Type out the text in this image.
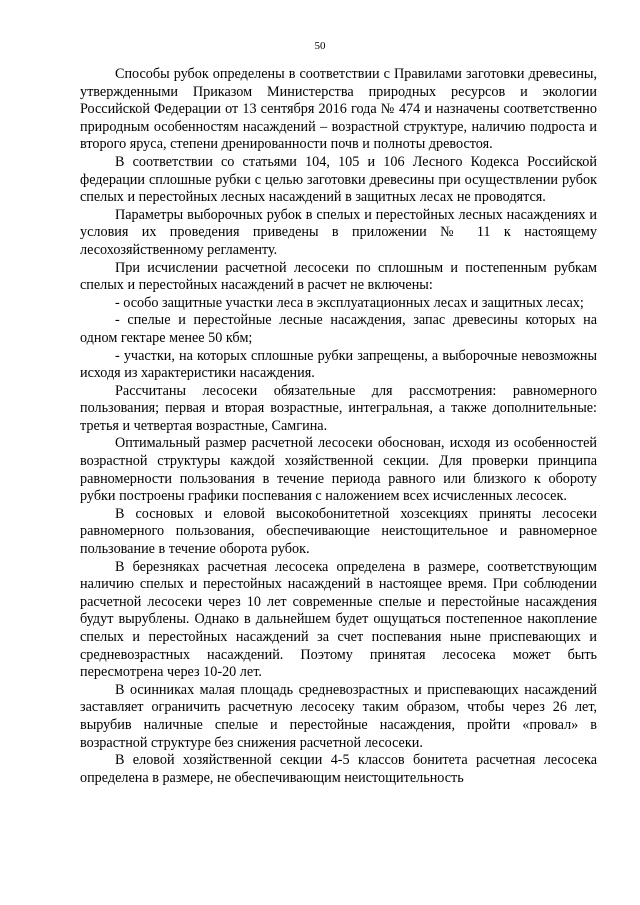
50

Способы рубок определены в соответствии с Правилами заготовки древесины, утвержденными Приказом Министерства природных ресурсов и экологии Российской Федерации от 13 сентября 2016 года № 474 и назначены соответственно природным особенностям насаждений – возрастной структуре, наличию подроста и второго яруса, степени дренированности почв и полноты древостоя.

В соответствии со статьями 104, 105 и 106 Лесного Кодекса Российской федерации сплошные рубки с целью заготовки древесины при осуществлении рубок спелых и перестойных лесных насаждений в защитных лесах не проводятся.

Параметры выборочных рубок в спелых и перестойных лесных насаждениях и условия их проведения приведены в приложении № 11 к настоящему лесохозяйственному регламенту.

При исчислении расчетной лесосеки по сплошным и постепенным рубкам спелых и перестойных насаждений в расчет не включены:

- особо защитные участки леса в эксплуатационных лесах и защитных лесах;

- спелые и перестойные лесные насаждения, запас древесины которых на одном гектаре менее 50 кбм;

- участки, на которых сплошные рубки запрещены, а выборочные невозможны исходя из характеристики насаждения.

Рассчитаны лесосеки обязательные для рассмотрения: равномерного пользования; первая и вторая возрастные, интегральная, а также дополнительные: третья и четвертая возрастные, Самгина.

Оптимальный размер расчетной лесосеки обоснован, исходя из особенностей возрастной структуры каждой хозяйственной секции. Для проверки принципа равномерности пользования в течение периода равного или близкого к обороту рубки построены графики поспевания с наложением всех исчисленных лесосек.

В сосновых и еловой высокобонитетной хозсекциях приняты лесосеки равномерного пользования, обеспечивающие неистощительное и равномерное пользование в течение оборота рубок.

В березняках расчетная лесосека определена в размере, соответствующим наличию спелых и перестойных насаждений в настоящее время. При соблюдении расчетной лесосеки через 10 лет современные спелые и перестойные насаждения будут вырублены. Однако в дальнейшем будет ощущаться постепенное накопление спелых и перестойных насаждений за счет поспевания ныне приспевающих и средневозрастных насаждений. Поэтому принятая лесосека может быть пересмотрена через 10-20 лет.

В осинниках малая площадь средневозрастных и приспевающих насаждений заставляет ограничить расчетную лесосеку таким образом, чтобы через 26 лет, вырубив наличные спелые и перестойные насаждения, пройти «провал» в возрастной структуре без снижения расчетной лесосеки.

В еловой хозяйственной секции 4-5 классов бонитета расчетная лесосека определена в размере, не обеспечивающим неистощительность
